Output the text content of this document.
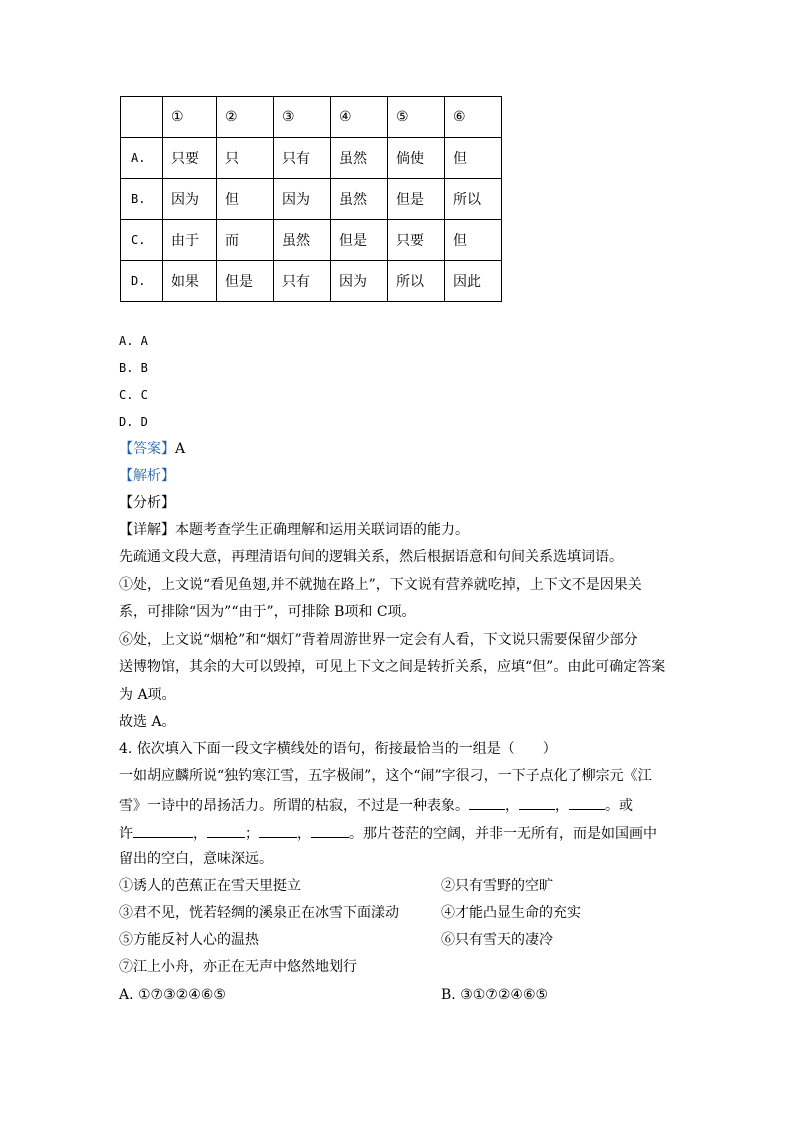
	①	②	③	④	⑤	⑥
A.	只要	只	只有	虽然	倘使	但
B.	因为	但	因为	虽然	但是	所以
C.	由于	而	虽然	但是	只要	但
D.	如果	但是	只有	因为	所以	因此
A. A
B. B
C. C
D. D
【答案】A
【解析】
【分析】
【详解】本题考查学生正确理解和运用关联词语的能力。
先疏通文段大意，再理清语句间的逻辑关系，然后根据语意和句间关系选填词语。
①处，上文说“看见鱼翅,并不就抛在路上”，下文说有营养就吃掉，上下文不是因果关
系，可排除“因为”“由于”，可排除 B项和 C项。
⑥处，上文说“烟枪”和“烟灯”背着周游世界一定会有人看，下文说只需要保留少部分
送博物馆，其余的大可以毁掉，可见上下文之间是转折关系，应填“但”。由此可确定答案
为 A项。
故选 A。
4. 依次填入下面一段文字横线处的语句，衔接最恰当的一组是（　　）
一如胡应麟所说“独钓寒江雪，五字极闹”，这个“闹”字很刁，一下子点化了柳宗元《江
雪》一诗中的昂扬活力。所谓的枯寂，不过是一种表象。	，	，	。或
许	，	；	，	。那片苍茫的空阔，并非一无所有，而是如国画中
留出的空白，意味深远。
①诱人的芭蕉正在雪天里挺立	②只有雪野的空旷
③君不见，恍若轻绸的溪泉正在冰雪下面漾动	④才能凸显生命的充实
⑤方能反衬人心的温热	⑥只有雪天的凄冷
⑦江上小舟，亦正在无声中悠然地划行
A. ①⑦③②④⑥⑤	B. ③①⑦②④⑥⑤
